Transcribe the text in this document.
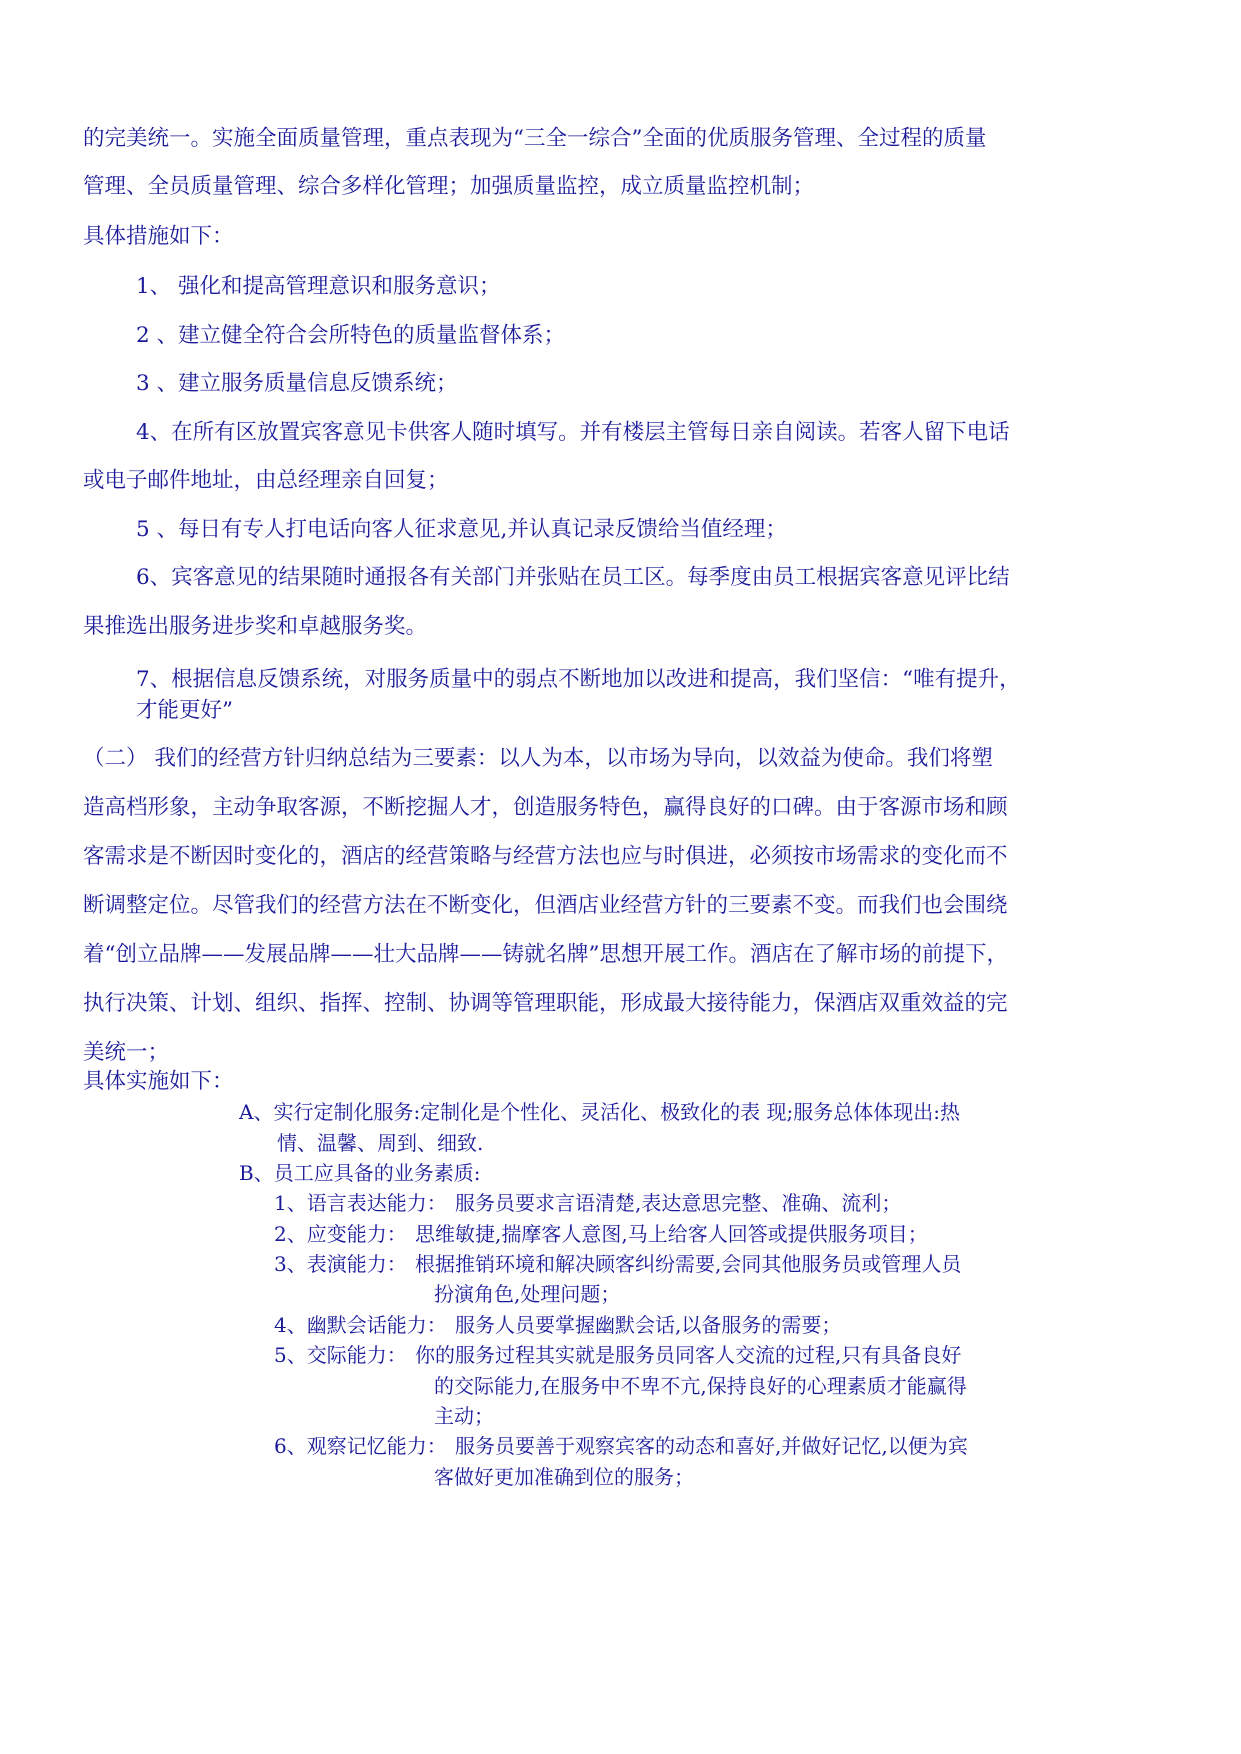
的完美统一。实施全面质量管理，重点表现为“三全一综合”全面的优质服务管理、全过程的质量
管理、全员质量管理、综合多样化管理；加强质量监控，成立质量监控机制；
具体措施如下：
1、 强化和提高管理意识和服务意识；
2 、建立健全符合会所特色的质量监督体系；
3 、建立服务质量信息反馈系统；
4、在所有区放置宾客意见卡供客人随时填写。并有楼层主管每日亲自阅读。若客人留下电话
或电子邮件地址，由总经理亲自回复；
5 、每日有专人打电话向客人征求意见,并认真记录反馈给当值经理；
6、宾客意见的结果随时通报各有关部门并张贴在员工区。每季度由员工根据宾客意见评比结
果推选出服务进步奖和卓越服务奖。
7、根据信息反馈系统，对服务质量中的弱点不断地加以改进和提高，我们坚信：“唯有提升，
才能更好”
（二） 我们的经营方针归纳总结为三要素：以人为本，以市场为导向，以效益为使命。我们将塑
造高档形象，主动争取客源，不断挖掘人才，创造服务特色，赢得良好的口碑。由于客源市场和顾
客需求是不断因时变化的，酒店的经营策略与经营方法也应与时俱进，必须按市场需求的变化而不
断调整定位。尽管我们的经营方法在不断变化，但酒店业经营方针的三要素不变。而我们也会围绕
着“创立品牌——发展品牌——壮大品牌——铸就名牌”思想开展工作。酒店在了解市场的前提下，
执行决策、计划、组织、指挥、控制、协调等管理职能，形成最大接待能力，保酒店双重效益的完
美统一；
具体实施如下：
A、实行定制化服务:定制化是个性化、灵活化、极致化的表 现;服务总体体现出:热
情、温馨、周到、细致.
B、员工应具备的业务素质:
1、语言表达能力： 服务员要求言语清楚,表达意思完整、准确、流利；
2、应变能力： 思维敏捷,揣摩客人意图,马上给客人回答或提供服务项目；
3、表演能力： 根据推销环境和解决顾客纠纷需要,会同其他服务员或管理人员
扮演角色,处理问题；
4、幽默会话能力： 服务人员要掌握幽默会话,以备服务的需要；
5、交际能力： 你的服务过程其实就是服务员同客人交流的过程,只有具备良好
的交际能力,在服务中不卑不亢,保持良好的心理素质才能赢得
主动；
6、观察记忆能力： 服务员要善于观察宾客的动态和喜好,并做好记忆,以便为宾
客做好更加准确到位的服务；
